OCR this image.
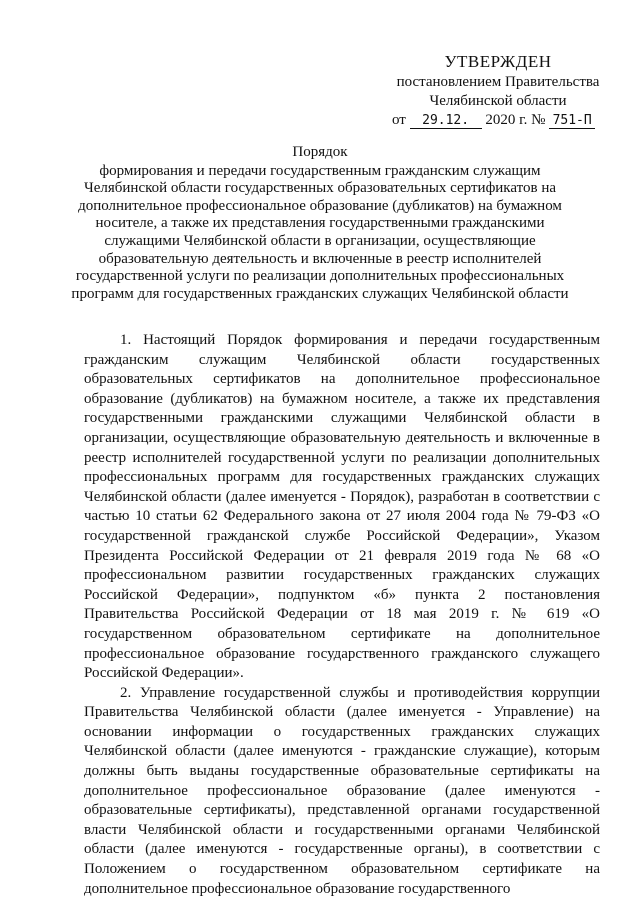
УТВЕРЖДЕН
постановлением Правительства
Челябинской области
от 29.12. 2020 г. № 751-П
Порядок
формирования и передачи государственным гражданским служащим Челябинской области государственных образовательных сертификатов на дополнительное профессиональное образование (дубликатов) на бумажном носителе, а также их представления государственными гражданскими служащими Челябинской области в организации, осуществляющие образовательную деятельность и включенные в реестр исполнителей государственной услуги по реализации дополнительных профессиональных программ для государственных гражданских служащих Челябинской области

1. Настоящий Порядок формирования и передачи государственным гражданским служащим Челябинской области государственных образовательных сертификатов на дополнительное профессиональное образование (дубликатов) на бумажном носителе, а также их представления государственными гражданскими служащими Челябинской области в организации, осуществляющие образовательную деятельность и включенные в реестр исполнителей государственной услуги по реализации дополнительных профессиональных программ для государственных гражданских служащих Челябинской области (далее именуется - Порядок), разработан в соответствии с частью 10 статьи 62 Федерального закона от 27 июля 2004 года № 79-ФЗ «О государственной гражданской службе Российской Федерации», Указом Президента Российской Федерации от 21 февраля 2019 года № 68 «О профессиональном развитии государственных гражданских служащих Российской Федерации», подпунктом «б» пункта 2 постановления Правительства Российской Федерации от 18 мая 2019 г. № 619 «О государственном образовательном сертификате на дополнительное профессиональное образование государственного гражданского служащего Российской Федерации».

2. Управление государственной службы и противодействия коррупции Правительства Челябинской области (далее именуется - Управление) на основании информации о государственных гражданских служащих Челябинской области (далее именуются - гражданские служащие), которым должны быть выданы государственные образовательные сертификаты на дополнительное профессиональное образование (далее именуются - образовательные сертификаты), представленной органами государственной власти Челябинской области и государственными органами Челябинской области (далее именуются - государственные органы), в соответствии с Положением о государственном образовательном сертификате на дополнительное профессиональное образование государственного
